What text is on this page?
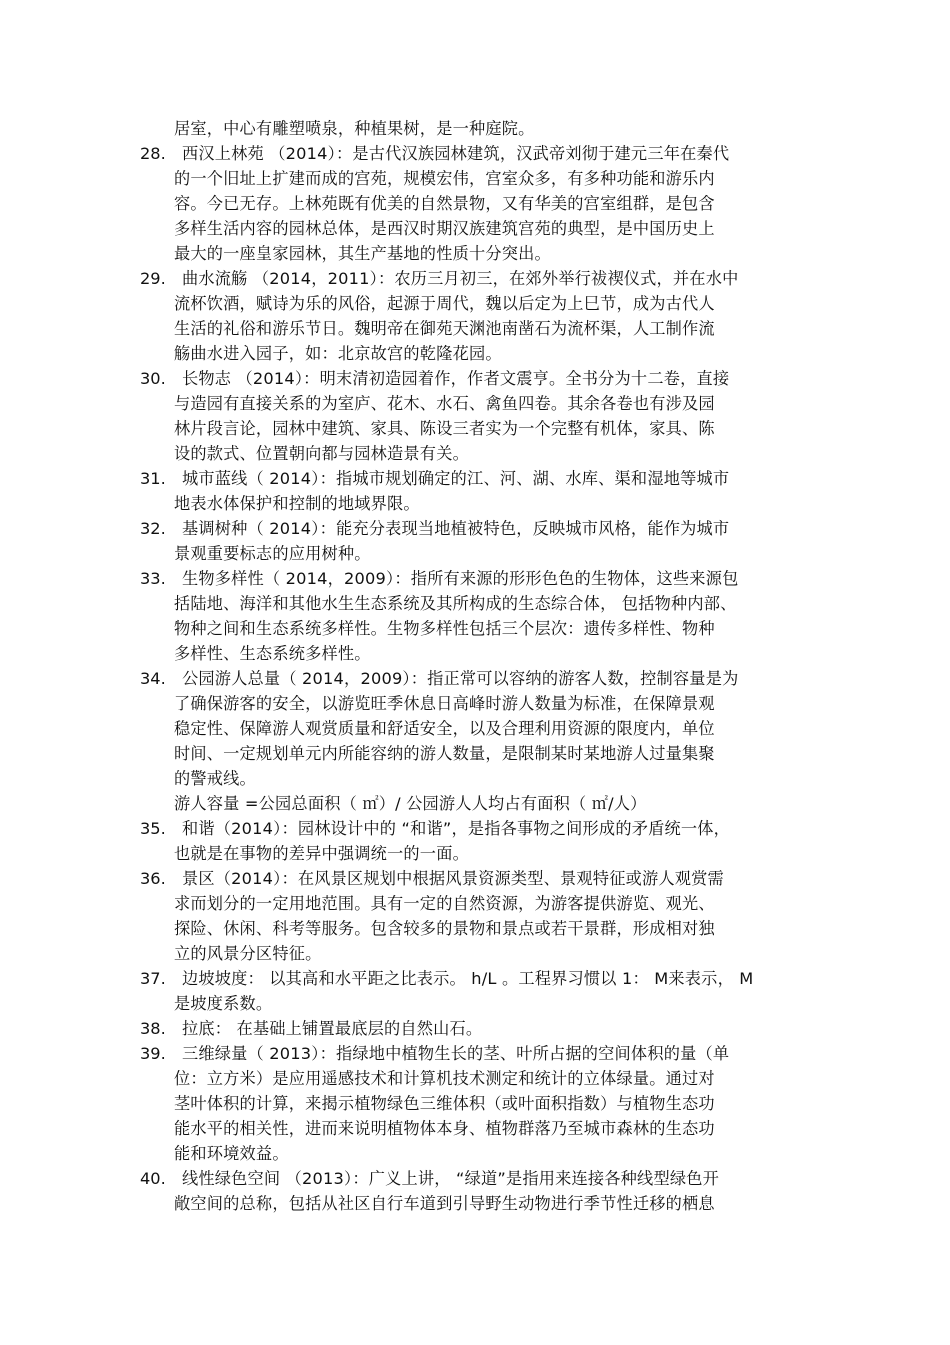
居室，中心有雕塑喷泉，种植果树，是一种庭院。
28.	西汉上林苑 （2014）：是古代汉族园林建筑，汉武帝刘彻于建元三年在秦代
的一个旧址上扩建而成的宫苑，规模宏伟，宫室众多，有多种功能和游乐内
容。今已无存。上林苑既有优美的自然景物，又有华美的宫室组群，是包含
多样生活内容的园林总体，是西汉时期汉族建筑宫苑的典型，是中国历史上
最大的一座皇家园林，其生产基地的性质十分突出。
29.	曲水流觞 （2014，2011）：农历三月初三，在郊外举行祓禊仪式，并在水中
流杯饮酒，赋诗为乐的风俗，起源于周代，魏以后定为上巳节，成为古代人
生活的礼俗和游乐节日。魏明帝在御苑天渊池南凿石为流杯渠，人工制作流
觞曲水进入园子，如：北京故宫的乾隆花园。
30.	长物志 （2014）：明末清初造园着作，作者文震亨。全书分为十二卷，直接
与造园有直接关系的为室庐、花木、水石、禽鱼四卷。其余各卷也有涉及园
林片段言论，园林中建筑、家具、陈设三者实为一个完整有机体，家具、陈
设的款式、位置朝向都与园林造景有关。
31.	城市蓝线（ 2014）：指城市规划确定的江、河、湖、水库、渠和湿地等城市
地表水体保护和控制的地域界限。
32.	基调树种（ 2014）：能充分表现当地植被特色，反映城市风格，能作为城市
景观重要标志的应用树种。
33.	生物多样性（ 2014，2009）：指所有来源的形形色色的生物体，这些来源包
括陆地、海洋和其他水生生态系统及其所构成的生态综合体， 包括物种内部、
物种之间和生态系统多样性。生物多样性包括三个层次：遗传多样性、物种
多样性、生态系统多样性。
34.	公园游人总量（ 2014，2009）：指正常可以容纳的游客人数，控制容量是为
了确保游客的安全，以游览旺季休息日高峰时游人数量为标准，在保障景观
稳定性、保障游人观赏质量和舒适安全，以及合理利用资源的限度内，单位
时间、一定规划单元内所能容纳的游人数量，是限制某时某地游人过量集聚
的警戒线。
游人容量 =公园总面积（ ㎡）/ 公园游人人均占有面积（ ㎡/人）
35.	和谐（2014）：园林设计中的 “和谐”，是指各事物之间形成的矛盾统一体，
也就是在事物的差异中强调统一的一面。
36.	景区（2014）：在风景区规划中根据风景资源类型、景观特征或游人观赏需
求而划分的一定用地范围。具有一定的自然资源，为游客提供游览、观光、
探险、休闲、科考等服务。包含较多的景物和景点或若干景群，形成相对独
立的风景分区特征。
37.	边坡坡度： 以其高和水平距之比表示。 h/L 。工程界习惯以 1： M来表示， M
是坡度系数。
38.	拉底： 在基础上铺置最底层的自然山石。
39.	三维绿量（ 2013）：指绿地中植物生长的茎、叶所占据的空间体积的量（单
位：立方米）是应用遥感技术和计算机技术测定和统计的立体绿量。通过对
茎叶体积的计算，来揭示植物绿色三维体积（或叶面积指数）与植物生态功
能水平的相关性，进而来说明植物体本身、植物群落乃至城市森林的生态功
能和环境效益。
40.	线性绿色空间 （2013）：广义上讲， “绿道”是指用来连接各种线型绿色开
敞空间的总称，包括从社区自行车道到引导野生动物进行季节性迁移的栖息
